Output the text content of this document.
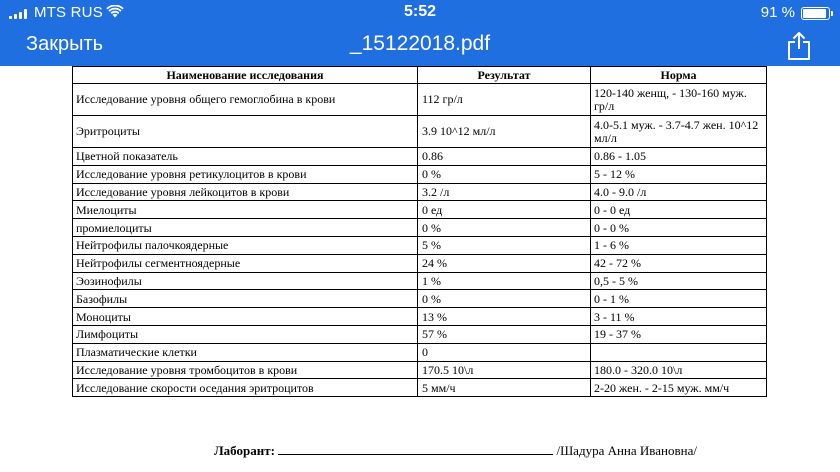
MTS RUS	5:52	91 %
Закрыть	_15122018.pdf
Наименование исследования	Результат	Норма
Исследование уровня общего гемоглобина в крови	112 гр/л	120-140 женщ, - 130-160 муж. гр/л
Эритроциты	3.9 10^12 мл/л	4.0-5.1 муж. - 3.7-4.7 жен. 10^12 мл/л
Цветной показатель	0.86	0.86 - 1.05
Исследование уровня ретикулоцитов в крови	0 %	5 - 12 %
Исследование уровня лейкоцитов в крови	3.2 /л	4.0 - 9.0 /л
Миелоциты	0 ед	0 - 0 ед
промиелоциты	0 %	0 - 0 %
Нейтрофилы палочкоядерные	5 %	1 - 6 %
Нейтрофилы сегментноядерные	24 %	42 - 72 %
Эозинофилы	1 %	0,5 - 5 %
Базофилы	0 %	0 - 1 %
Моноциты	13 %	3 - 11 %
Лимфоциты	57 %	19 - 37 %
Плазматические клетки	0	
Исследование уровня тромбоцитов в крови	170.5 10\л	180.0 - 320.0 10\л
Исследование скорости оседания эритроцитов	5 мм/ч	2-20 жен. - 2-15 муж. мм/ч
Лаборант:	/Шадура Анна Ивановна/
